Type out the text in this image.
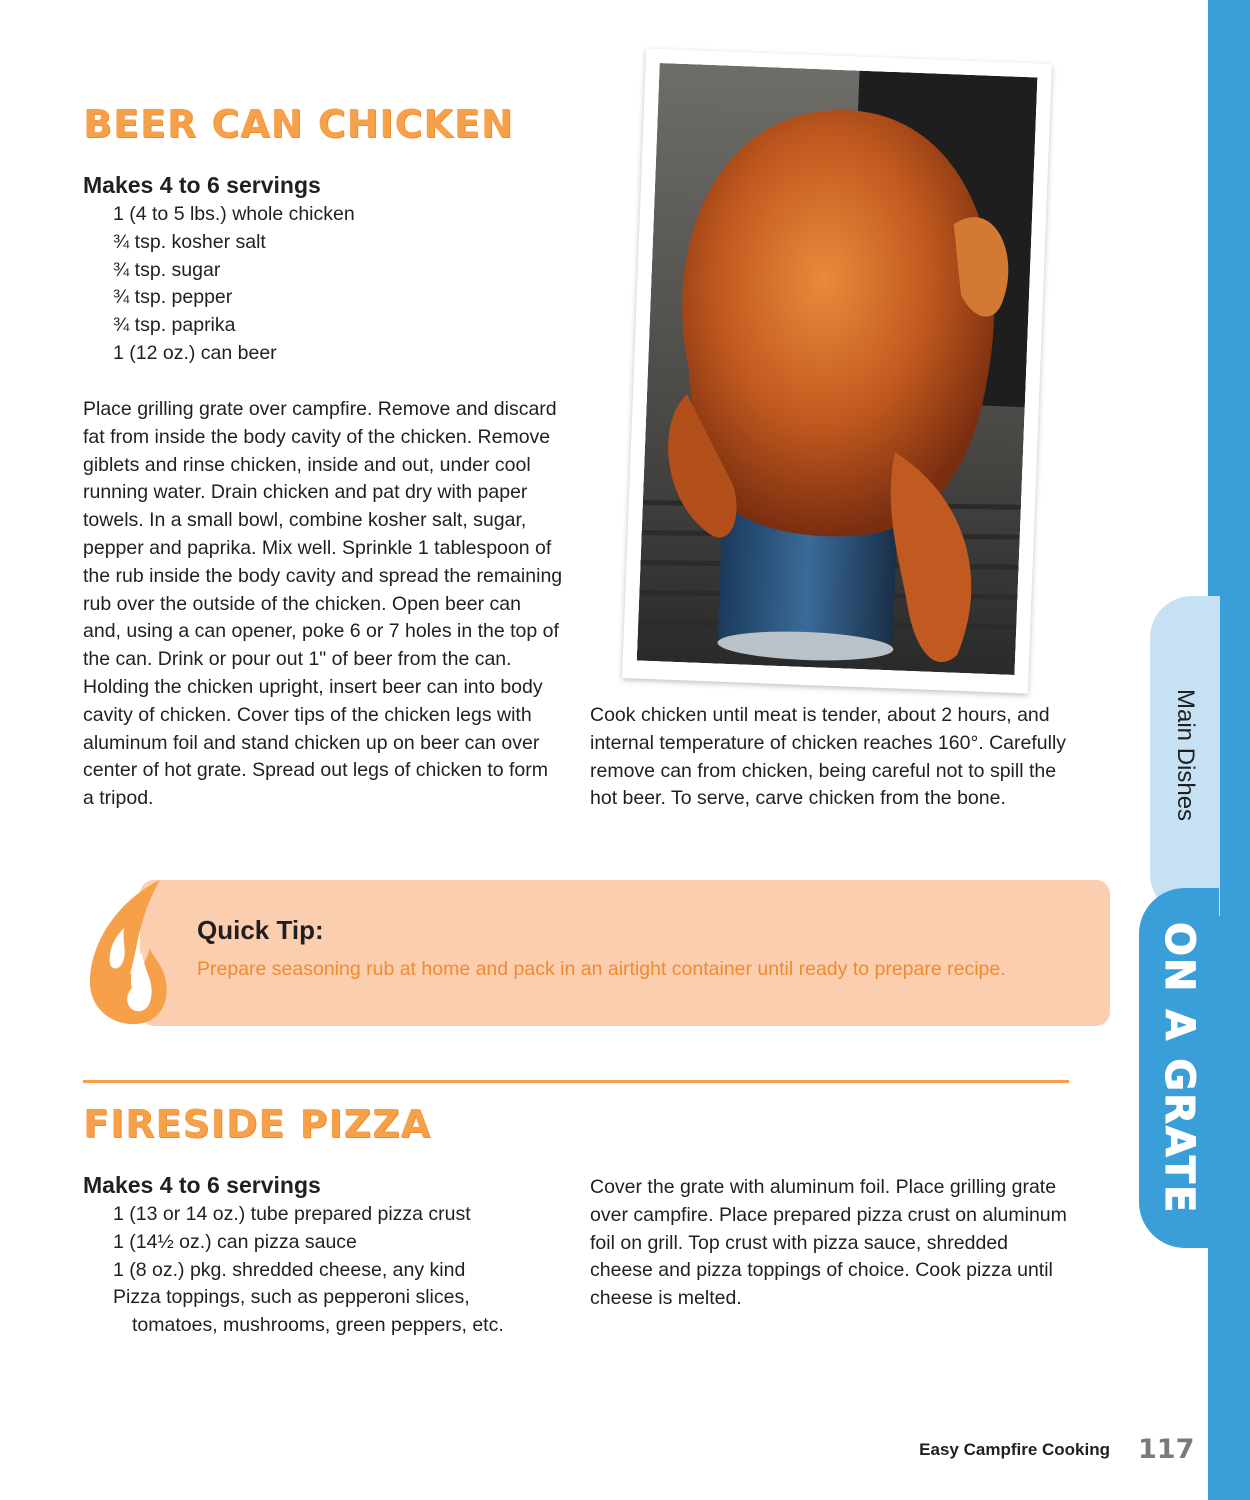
Main Dishes
ON A GRATE
BEER CAN CHICKEN
Makes 4 to 6 servings
1 (4 to 5 lbs.) whole chicken
¾ tsp. kosher salt
¾ tsp. sugar
¾ tsp. pepper
¾ tsp. paprika
1 (12 oz.) can beer

Place grilling grate over campfire. Remove and discard fat from inside the body cavity of the chicken. Remove giblets and rinse chicken, inside and out, under cool running water. Drain chicken and pat dry with paper towels. In a small bowl, combine kosher salt, sugar, pepper and paprika. Mix well. Sprinkle 1 tablespoon of the rub inside the body cavity and spread the remaining rub over the outside of the chicken. Open beer can and, using a can opener, poke 6 or 7 holes in the top of the can. Drink or pour out 1" of beer from the can. Holding the chicken upright, insert beer can into body cavity of chicken. Cover tips of the chicken legs with aluminum foil and stand chicken up on beer can over center of hot grate. Spread out legs of chicken to form a tripod.

Cook chicken until meat is tender, about 2 hours, and internal temperature of chicken reaches 160°. Carefully remove can from chicken, being careful not to spill the hot beer. To serve, carve chicken from the bone.

Quick Tip:
Prepare seasoning rub at home and pack in an airtight container until ready to prepare recipe.
FIRESIDE PIZZA
Makes 4 to 6 servings
1 (13 or 14 oz.) tube prepared pizza crust
1 (14½ oz.) can pizza sauce
1 (8 oz.) pkg. shredded cheese, any kind
Pizza toppings, such as pepperoni slices,
tomatoes, mushrooms, green peppers, etc.

Cover the grate with aluminum foil. Place grilling grate over campfire. Place prepared pizza crust on aluminum foil on grill. Top crust with pizza sauce, shredded cheese and pizza toppings of choice. Cook pizza until cheese is melted.

Easy Campfire Cooking 117
